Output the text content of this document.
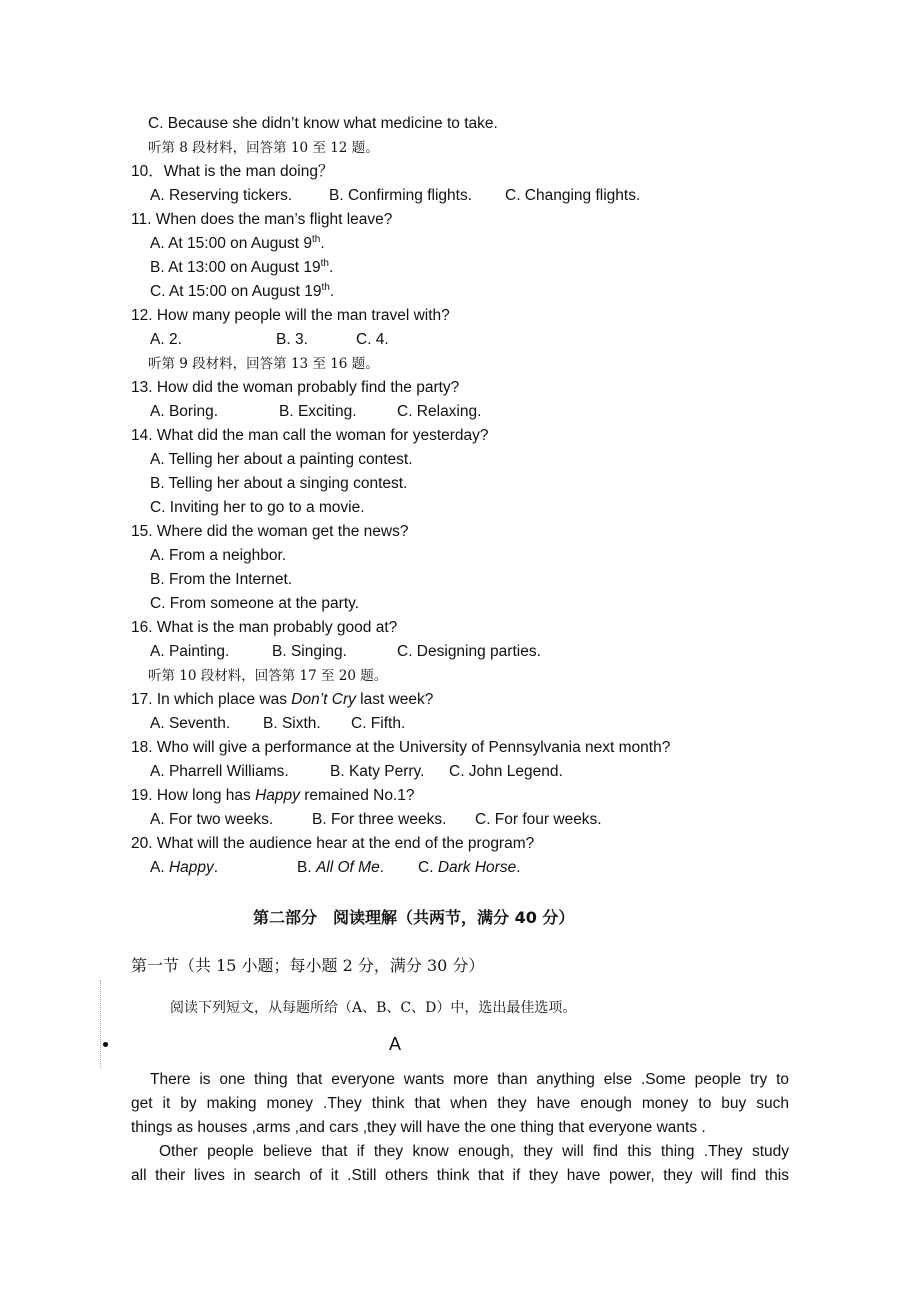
C. Because she didn’t know what medicine to take.
听第 8 段材料，回答第 10 至 12 题。
10．What is the man doing？
A. Reserving tickers. B. Confirming flights. C. Changing flights.
11. When does the man’s flight leave?
A. At 15:00 on August 9th.
B. At 13:00 on August 19th.
C. At 15:00 on August 19th.
12. How many people will the man travel with?
A. 2.	B. 3.	C. 4.
听第 9 段材料，回答第 13 至 16 题。
13. How did the woman probably find the party?
A. Boring.	B. Exciting.	C. Relaxing.
14. What did the man call the woman for yesterday?
A. Telling her about a painting contest.
B. Telling her about a singing contest.
C. Inviting her to go to a movie.
15. Where did the woman get the news?
A. From a neighbor.
B. From the Internet.
C. From someone at the party.
16. What is the man probably good at?
A. Painting.	B. Singing.	C. Designing parties.
听第 10 段材料，回答第 17 至 20 题。
17. In which place was Don’t Cry last week?
A. Seventh. B. Sixth. C. Fifth.
18. Who will give a performance at the University of Pennsylvania next month?
A. Pharrell Williams.	B. Katy Perry. C. John Legend.
19. How long has Happy remained No.1?
A. For two weeks.	B. For three weeks. C. For four weeks.
20. What will the audience hear at the end of the program?
A. Happy.	B. All Of Me. C. Dark Horse.
第二部分　阅读理解（共两节，满分 40 分）
第一节（共 15 小题；每小题 2 分，满分 30 分）
阅读下列短文，从每题所给（A、B、C、D）中，选出最佳选项。
A
There is one thing that everyone wants more than anything else .Some people try to
get it by making money .They think that when they have enough money to buy such
things as houses ,arms ,and cars ,they will have the one thing that everyone wants .
Other people believe that if they know enough, they will find this thing .They study
all their lives in search of it .Still others think that if they have power, they will find this
